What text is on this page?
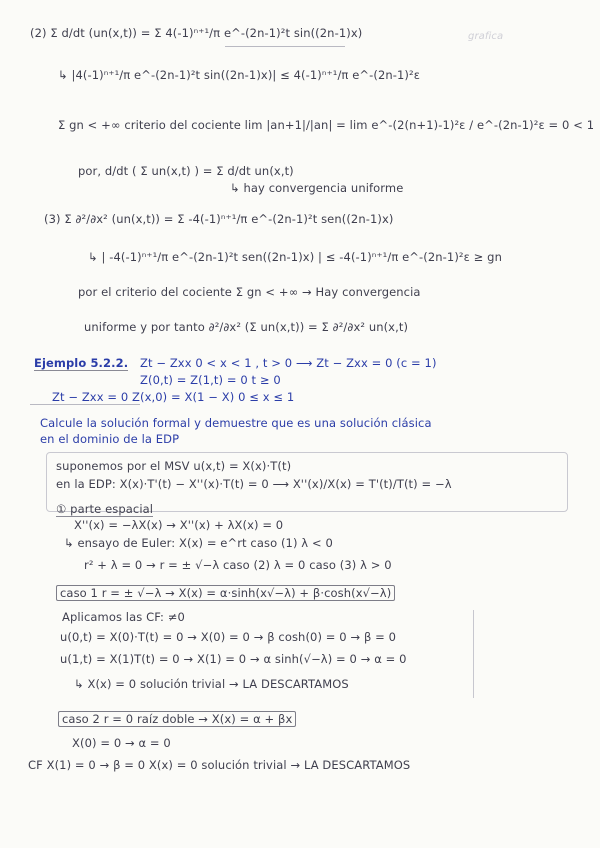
grafica
(2) Σ d/dt (un(x,t)) = Σ 4(-1)ⁿ⁺¹/π e^-(2n-1)²t sin((2n-1)x)
↳ |4(-1)ⁿ⁺¹/π e^-(2n-1)²t sin((2n-1)x)| ≤ 4(-1)ⁿ⁺¹/π e^-(2n-1)²ε
Σ gn < +∞ criterio del cociente lim |an+1|/|an| = lim e^-(2(n+1)-1)²ε / e^-(2n-1)²ε = 0 < 1
por, d/dt ( Σ un(x,t) ) = Σ d/dt un(x,t)
↳ hay convergencia uniforme
(3) Σ ∂²/∂x² (un(x,t)) = Σ -4(-1)ⁿ⁺¹/π e^-(2n-1)²t sen((2n-1)x)
↳ | -4(-1)ⁿ⁺¹/π e^-(2n-1)²t sen((2n-1)x) | ≤ -4(-1)ⁿ⁺¹/π e^-(2n-1)²ε ≥ gn
por el criterio del cociente Σ gn < +∞ → Hay convergencia
uniforme y por tanto ∂²/∂x² (Σ un(x,t)) = Σ ∂²/∂x² un(x,t)
Ejemplo 5.2.2. Zt − Zxx 0 < x < 1 , t > 0 ⟶ Zt − Zxx = 0 (c = 1)
Z(0,t) = Z(1,t) = 0 t ≥ 0
Zt − Zxx = 0 Z(x,0) = X(1 − X) 0 ≤ x ≤ 1
Calcule la solución formal y demuestre que es una solución clásica
en el dominio de la EDP
suponemos por el MSV u(x,t) = X(x)·T(t)
en la EDP: X(x)·T'(t) − X''(x)·T(t) = 0 ⟶ X''(x)/X(x) = T'(t)/T(t) = −λ
① parte espacial
X''(x) = −λX(x) → X''(x) + λX(x) = 0
↳ ensayo de Euler: X(x) = e^rt caso (1) λ < 0
r² + λ = 0 → r = ± √−λ caso (2) λ = 0 caso (3) λ > 0
caso 1 r = ± √−λ → X(x) = α·sinh(x√−λ) + β·cosh(x√−λ)
Aplicamos las CF: ≠0
u(0,t) = X(0)·T(t) = 0 → X(0) = 0 → β cosh(0) = 0 → β = 0
u(1,t) = X(1)T(t) = 0 → X(1) = 0 → α sinh(√−λ) = 0 → α = 0
↳ X(x) = 0 solución trivial → LA DESCARTAMOS
caso 2 r = 0 raíz doble → X(x) = α + βx
X(0) = 0 → α = 0
CF X(1) = 0 → β = 0 X(x) = 0 solución trivial → LA DESCARTAMOS
